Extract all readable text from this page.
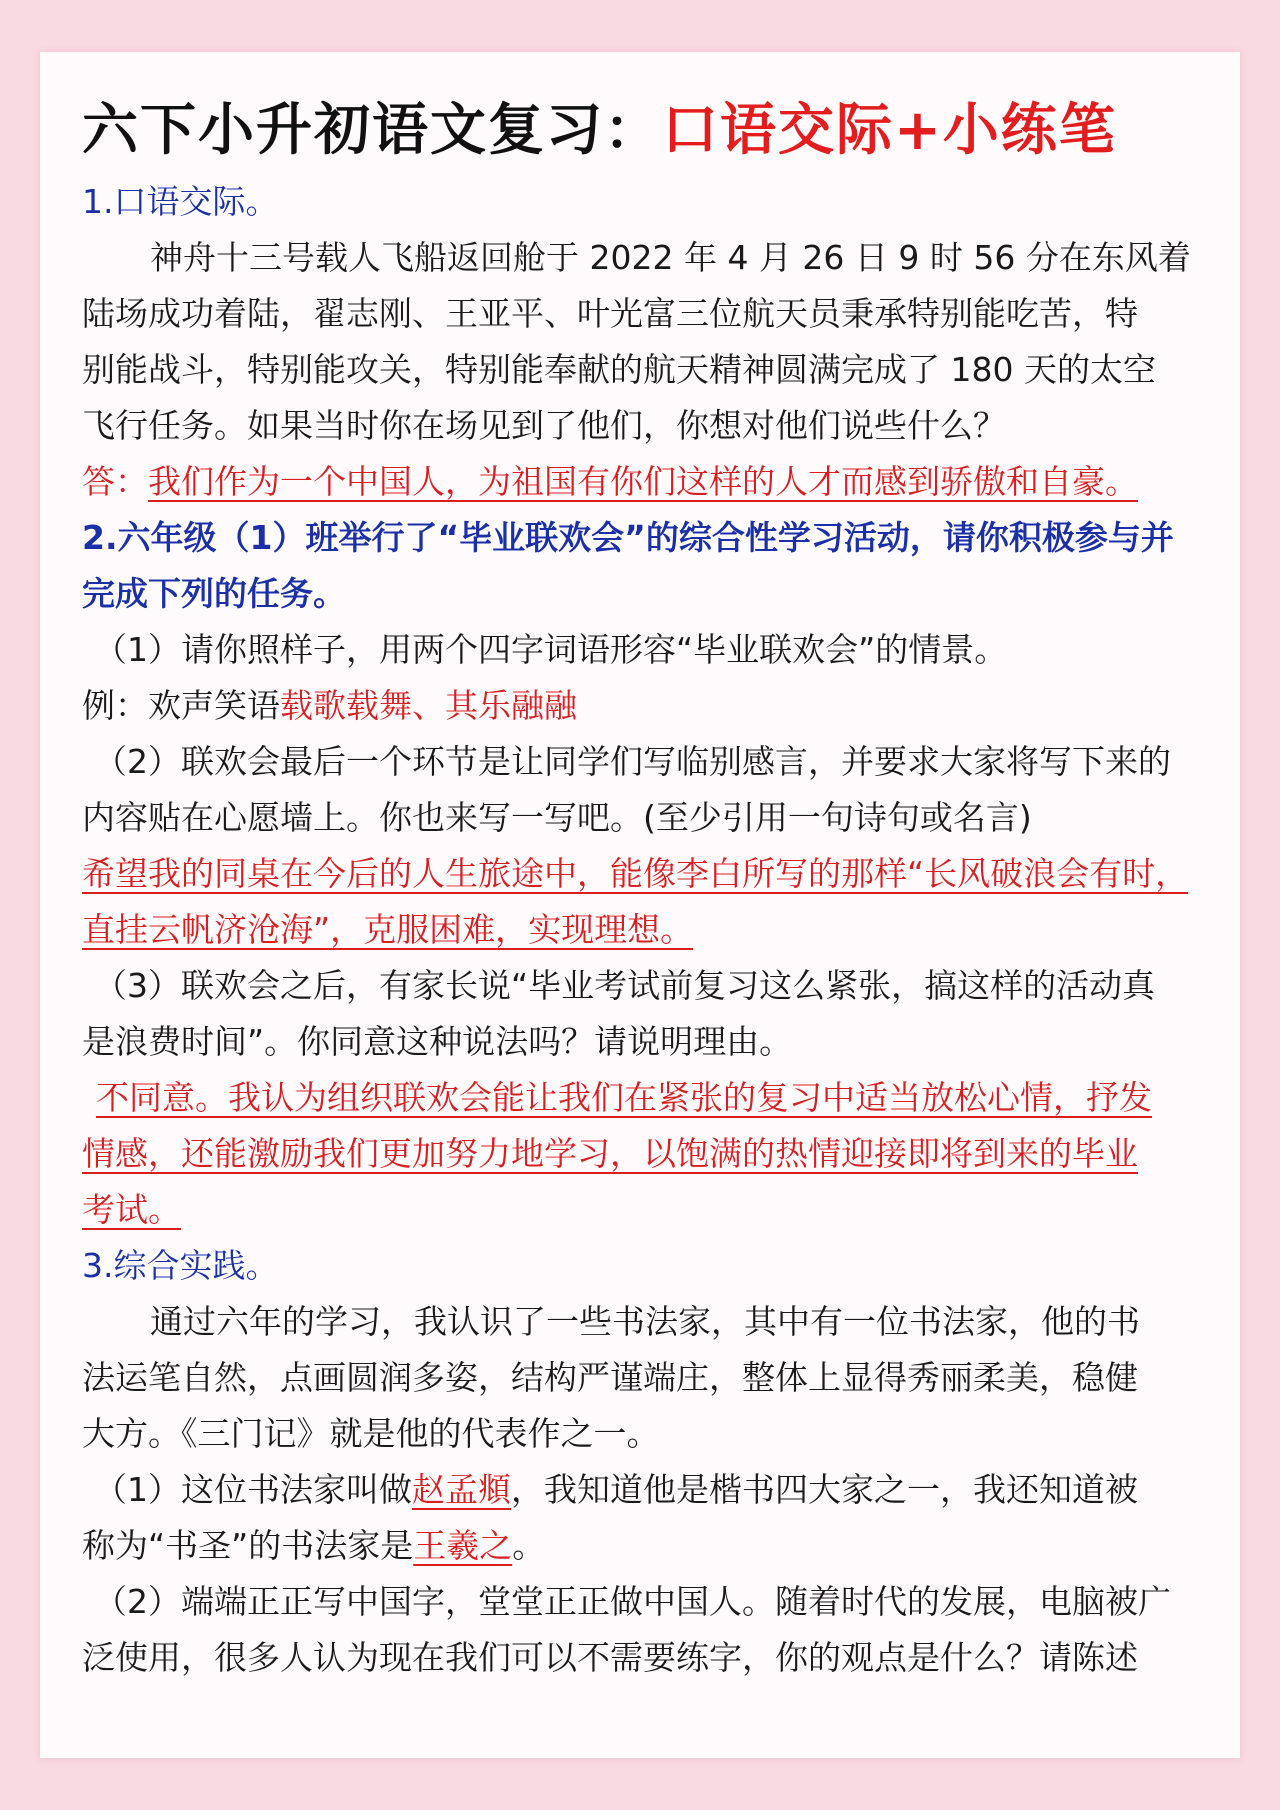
六下小升初语文复习：口语交际+小练笔
1.口语交际。
神舟十三号载人飞船返回舱于 2022 年 4 月 26 日 9 时 56 分在东风着
陆场成功着陆，翟志刚、王亚平、叶光富三位航天员秉承特别能吃苦，特
别能战斗，特别能攻关，特别能奉献的航天精神圆满完成了 180 天的太空
飞行任务。如果当时你在场见到了他们，你想对他们说些什么？
答：我们作为一个中国人，为祖国有你们这样的人才而感到骄傲和自豪。
2.六年级（1）班举行了“毕业联欢会”的综合性学习活动，请你积极参与并
完成下列的任务。
（1）请你照样子，用两个四字词语形容“毕业联欢会”的情景。
例：欢声笑语载歌载舞、其乐融融
（2）联欢会最后一个环节是让同学们写临别感言，并要求大家将写下来的
内容贴在心愿墙上。你也来写一写吧。(至少引用一句诗句或名言)
希望我的同桌在今后的人生旅途中，能像李白所写的那样“长风破浪会有时，
直挂云帆济沧海”，克服困难，实现理想。
（3）联欢会之后，有家长说“毕业考试前复习这么紧张，搞这样的活动真
是浪费时间”。你同意这种说法吗？请说明理由。
不同意。我认为组织联欢会能让我们在紧张的复习中适当放松心情，抒发
情感，还能激励我们更加努力地学习，以饱满的热情迎接即将到来的毕业
考试。
3.综合实践。
通过六年的学习，我认识了一些书法家，其中有一位书法家，他的书
法运笔自然，点画圆润多姿，结构严谨端庄，整体上显得秀丽柔美，稳健
大方。《三门记》就是他的代表作之一。
（1）这位书法家叫做赵孟頫，我知道他是楷书四大家之一，我还知道被
称为“书圣”的书法家是王羲之。
（2）端端正正写中国字，堂堂正正做中国人。随着时代的发展，电脑被广
泛使用，很多人认为现在我们可以不需要练字，你的观点是什么？请陈述
